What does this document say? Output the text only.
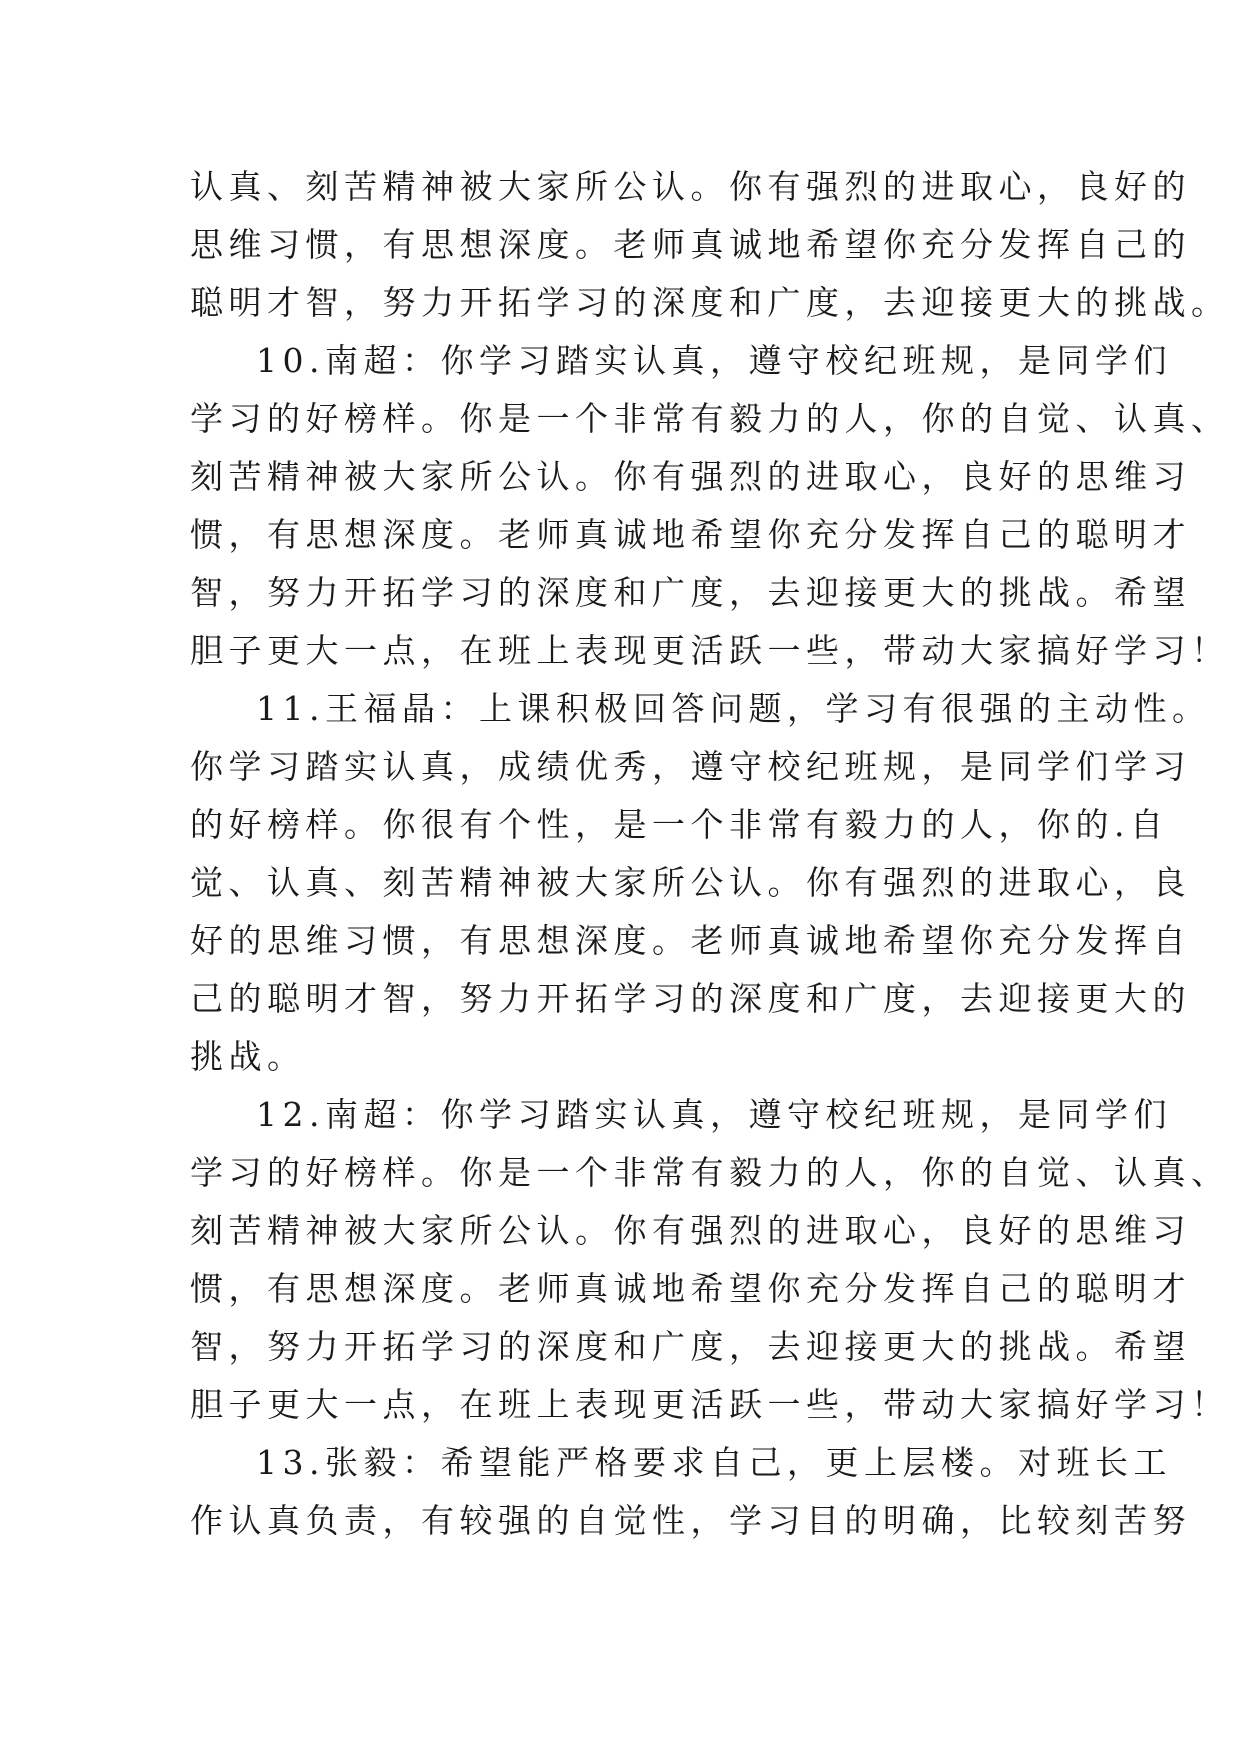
认真、刻苦精神被大家所公认。你有强烈的进取心，良好的
思维习惯，有思想深度。老师真诚地希望你充分发挥自己的
聪明才智，努力开拓学习的深度和广度，去迎接更大的挑战。
10.南超：你学习踏实认真，遵守校纪班规，是同学们
学习的好榜样。你是一个非常有毅力的人，你的自觉、认真、
刻苦精神被大家所公认。你有强烈的进取心，良好的思维习
惯，有思想深度。老师真诚地希望你充分发挥自己的聪明才
智，努力开拓学习的深度和广度，去迎接更大的挑战。希望
胆子更大一点，在班上表现更活跃一些，带动大家搞好学习！
11.王福晶：上课积极回答问题，学习有很强的主动性。
你学习踏实认真，成绩优秀，遵守校纪班规，是同学们学习
的好榜样。你很有个性，是一个非常有毅力的人，你的.自
觉、认真、刻苦精神被大家所公认。你有强烈的进取心，良
好的思维习惯，有思想深度。老师真诚地希望你充分发挥自
己的聪明才智，努力开拓学习的深度和广度，去迎接更大的
挑战。
12.南超：你学习踏实认真，遵守校纪班规，是同学们
学习的好榜样。你是一个非常有毅力的人，你的自觉、认真、
刻苦精神被大家所公认。你有强烈的进取心，良好的思维习
惯，有思想深度。老师真诚地希望你充分发挥自己的聪明才
智，努力开拓学习的深度和广度，去迎接更大的挑战。希望
胆子更大一点，在班上表现更活跃一些，带动大家搞好学习！
13.张毅：希望能严格要求自己，更上层楼。对班长工
作认真负责，有较强的自觉性，学习目的明确，比较刻苦努
